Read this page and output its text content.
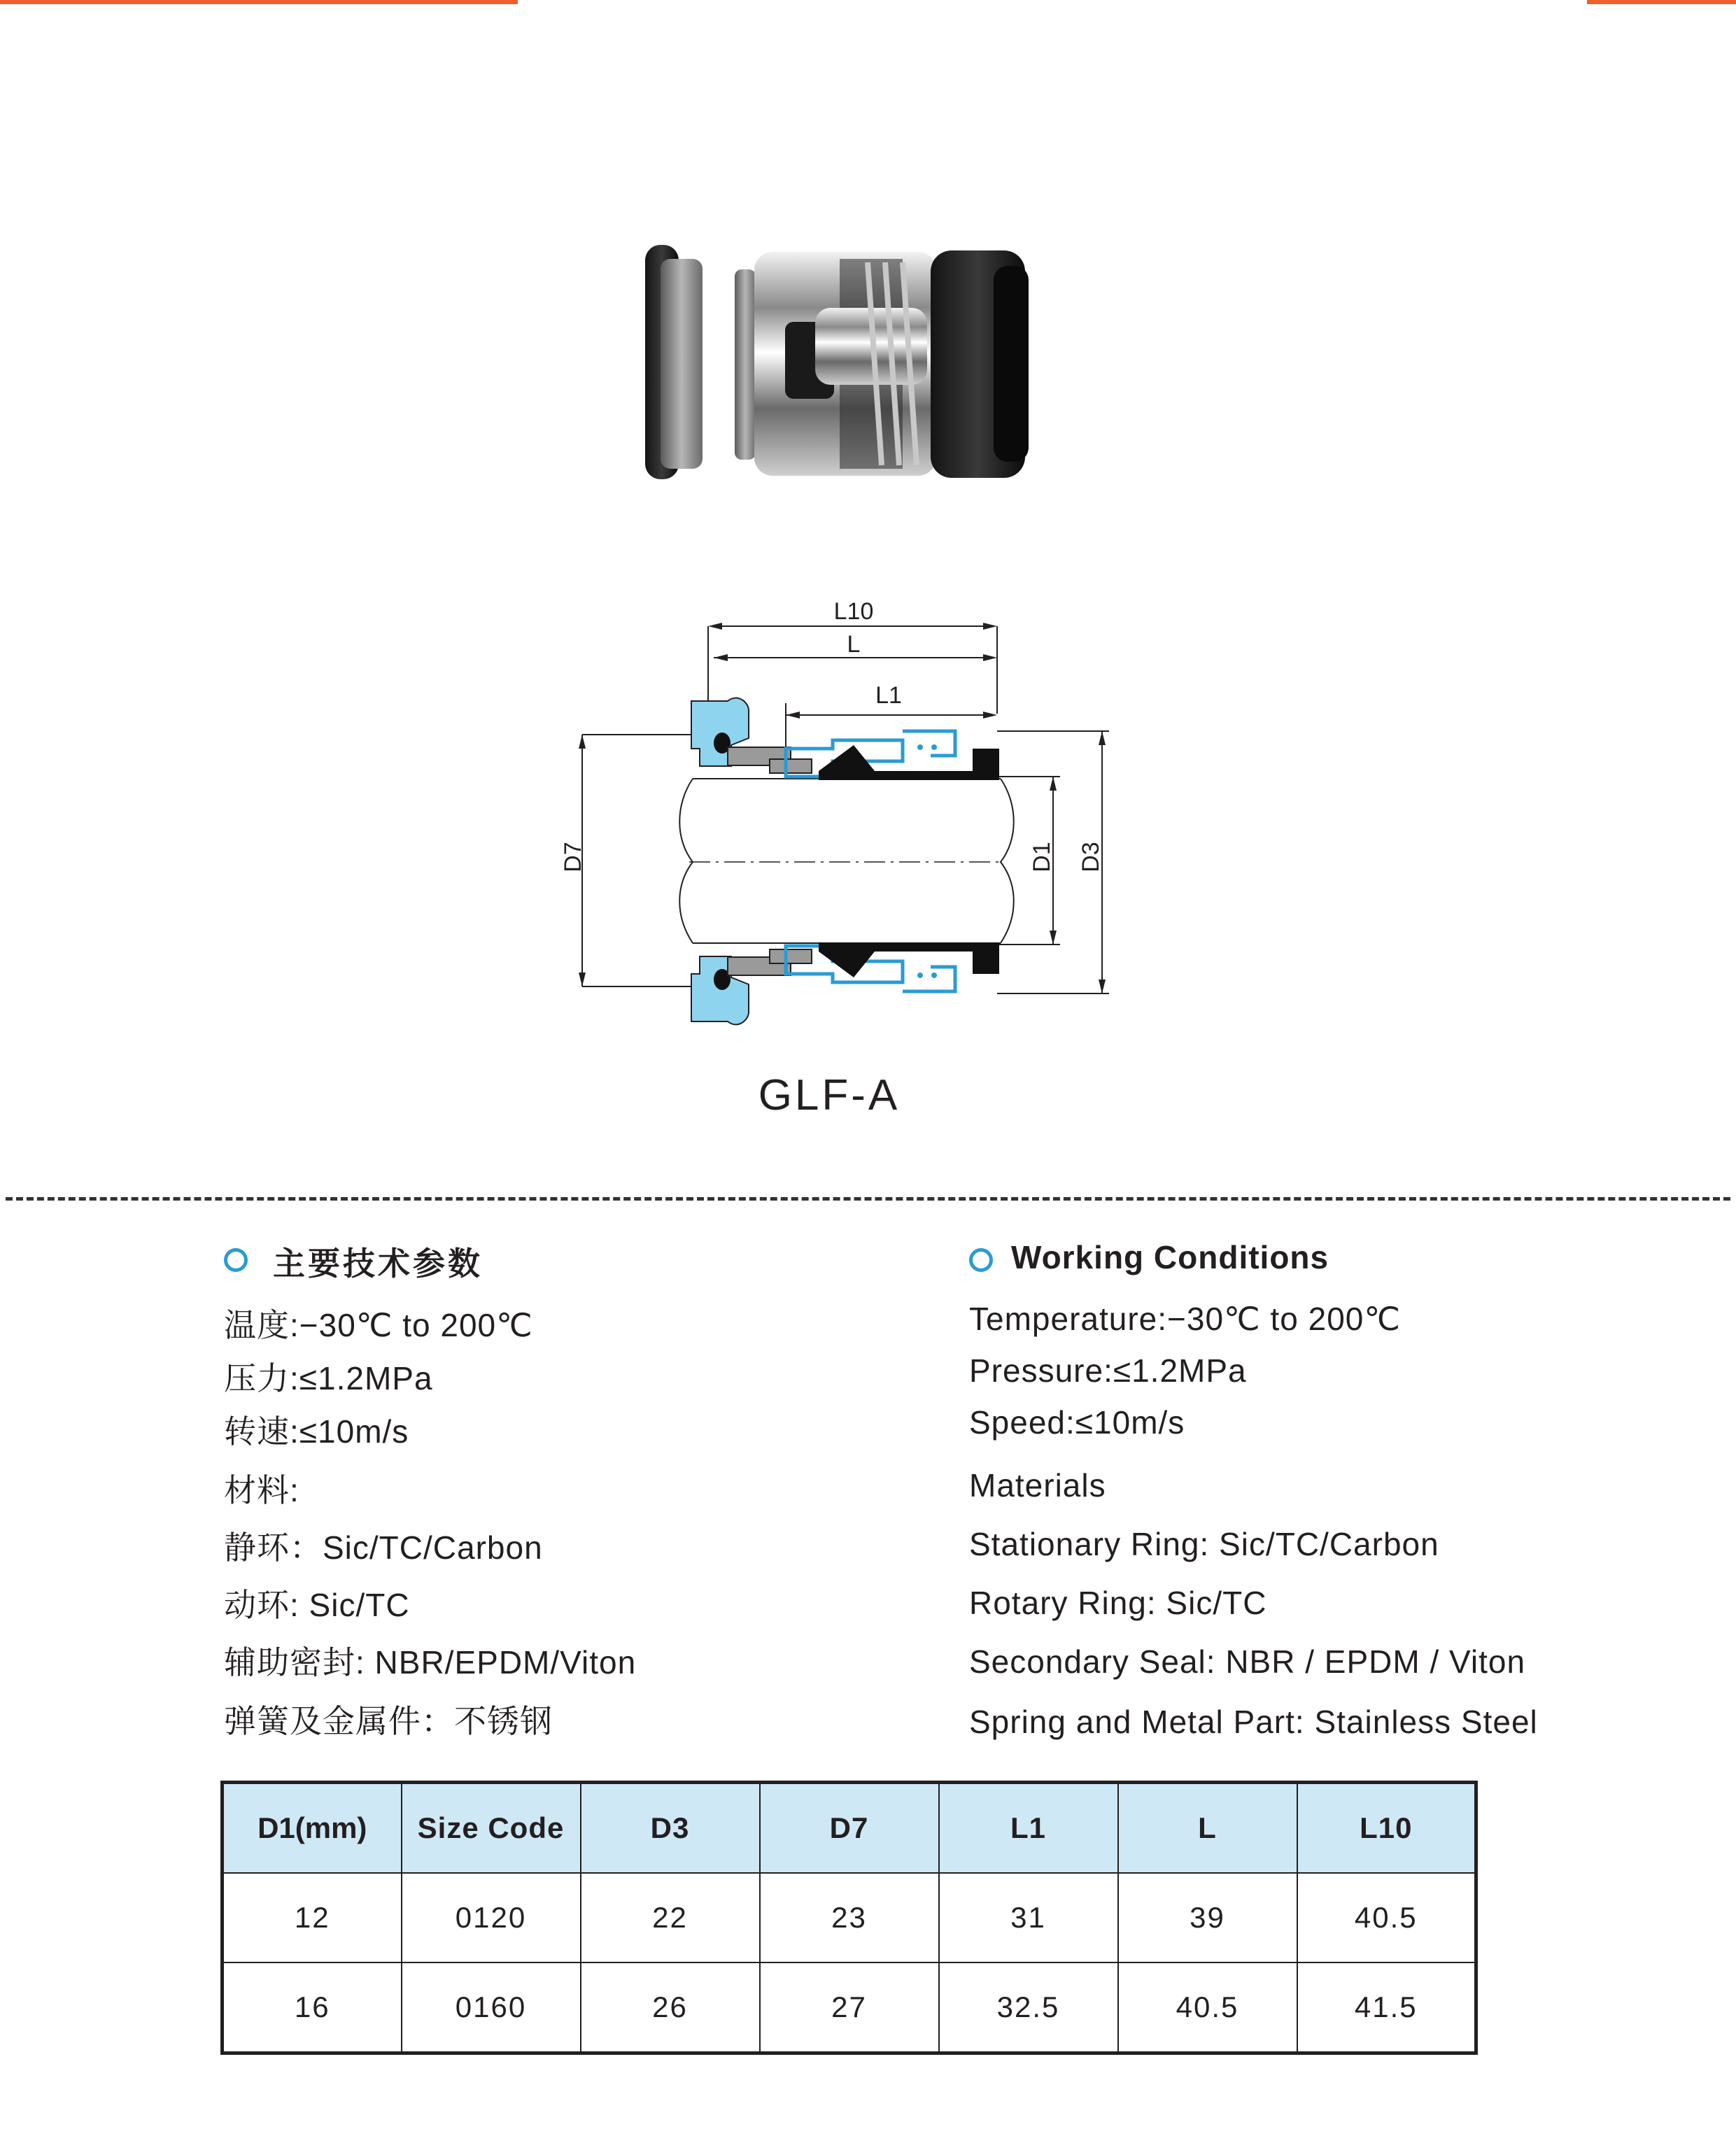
L10
L
L1
D7	D1 D3
GLF-A
主要技术参数
温度:−30℃ to 200℃
压力:≤1.2MPa
转速:≤10m/s
材料:
静环：Sic/TC/Carbon
动环: Sic/TC
辅助密封: NBR/EPDM/Viton
弹簧及金属件：不锈钢
Working Conditions
Temperature:−30℃ to 200℃
Pressure:≤1.2MPa
Speed:≤10m/s
Materials
Stationary Ring: Sic/TC/Carbon
Rotary Ring: Sic/TC
Secondary Seal: NBR / EPDM / Viton
Spring and Metal Part: Stainless Steel
D1(mm)	Size Code	D3	D7	L1	L	L10
12	0120	22	23	31	39	40.5
16	0160	26	27	32.5	40.5	41.5
